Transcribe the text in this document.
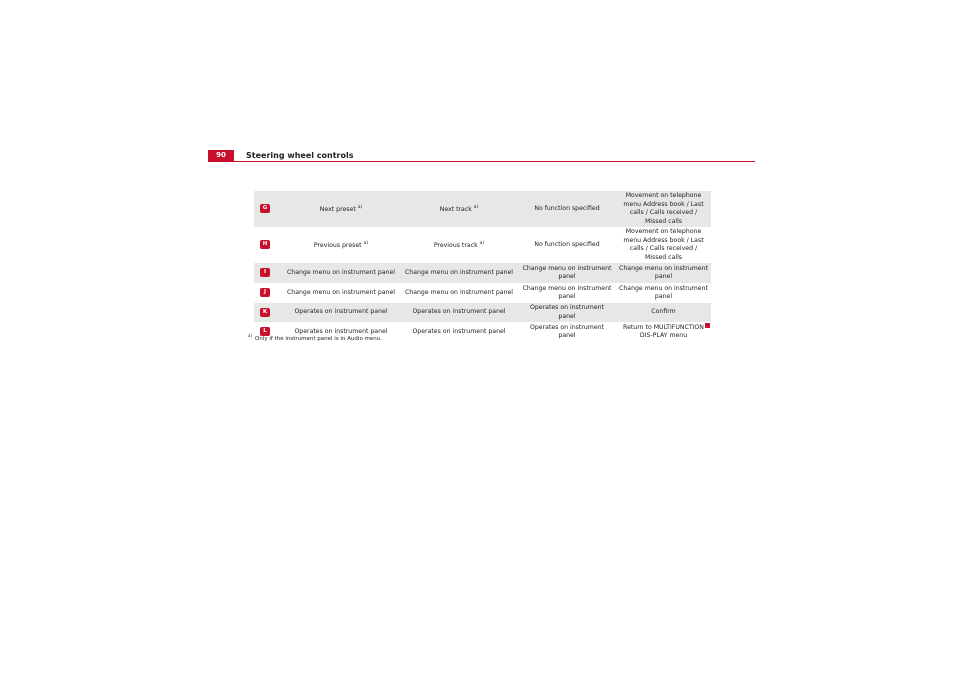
90	Steering wheel controls
G	Next preset $^{a)}$	Next track $^{a)}$	No function specified	Movement on telephone menu Address book / Last calls / Calls received / Missed calls
H	Previous preset $^{a)}$	Previous track $^{a)}$	No function specified	Movement on telephone menu Address book / Last calls / Calls received / Missed calls
I	Change menu on instrument panel	Change menu on instrument panel	Change menu on instrument panel	Change menu on instrument panel
J	Change menu on instrument panel	Change menu on instrument panel	Change menu on instrument panel	Change menu on instrument panel
K	Operates on instrument panel	Operates on instrument panel	Operates on instrument panel	Confirm
L	Operates on instrument panel	Operates on instrument panel	Operates on instrument panel	Return to MULTIFUNCTION DIS-PLAY menu
$^{a)}$Only if the instrument panel is in Audio menu.
